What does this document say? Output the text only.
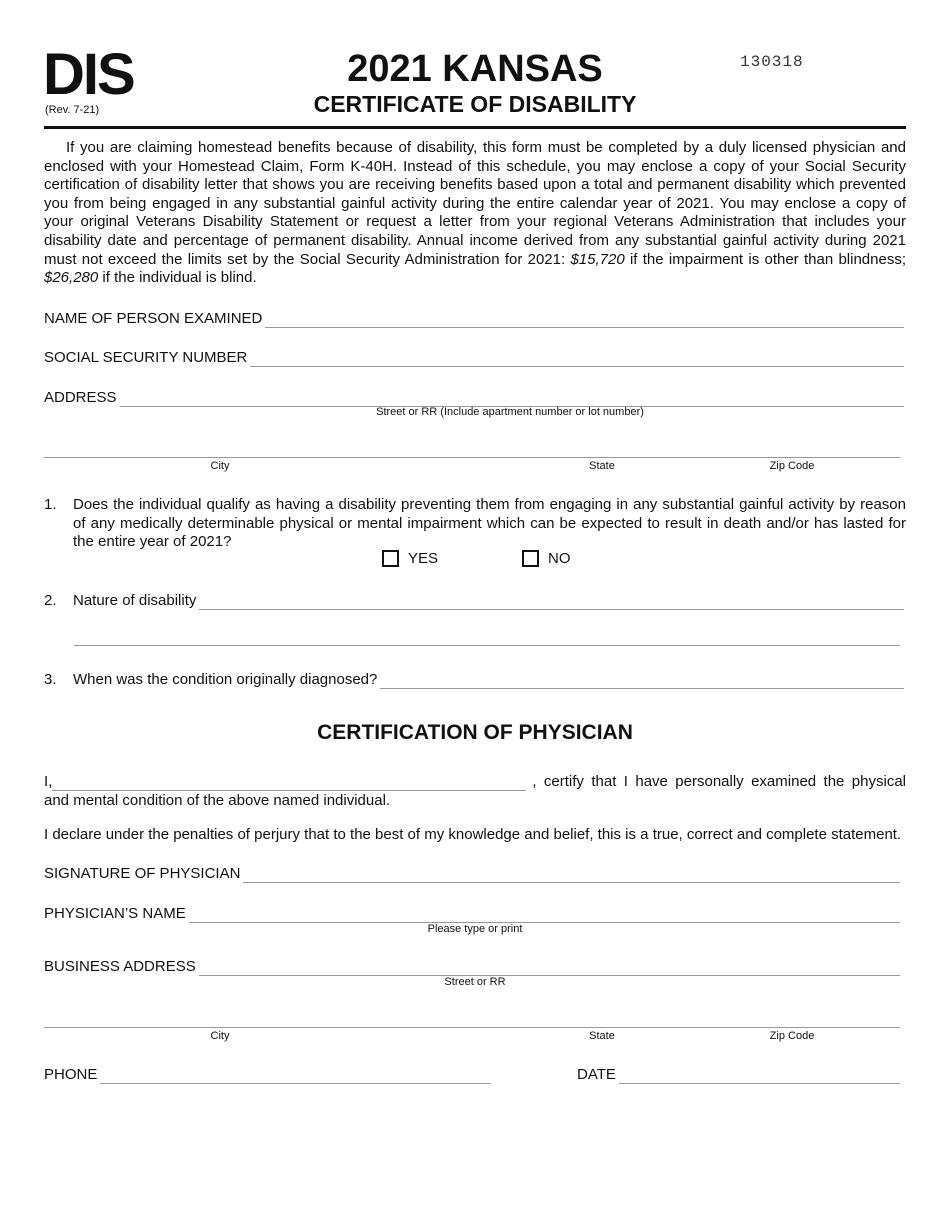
DIS
(Rev. 7-21)
2021 KANSAS
CERTIFICATE OF DISABILITY
130318
If you are claiming homestead benefits because of disability, this form must be completed by a duly licensed physician and enclosed with your Homestead Claim, Form K-40H. Instead of this schedule, you may enclose a copy of your Social Security certification of disability letter that shows you are receiving benefits based upon a total and permanent disability which prevented you from being engaged in any substantial gainful activity during the entire calendar year of 2021. You may enclose a copy of your original Veterans Disability Statement or request a letter from your regional Veterans Administration that includes your disability date and percentage of permanent disability. Annual income derived from any substantial gainful activity during 2021 must not exceed the limits set by the Social Security Administration for 2021: $15,720 if the impairment is other than blindness; $26,280 if the individual is blind.
NAME OF PERSON EXAMINED
SOCIAL SECURITY NUMBER
ADDRESS
Street or RR (Include apartment number or lot number)
City	State	Zip Code
1. Does the individual qualify as having a disability preventing them from engaging in any substantial gainful activity by reason of any medically determinable physical or mental impairment which can be expected to result in death and/or has lasted for the entire year of 2021?
YES	NO
2. Nature of disability
3. When was the condition originally diagnosed?
CERTIFICATION OF PHYSICIAN
I,	, certify that I have personally examined the physical
and mental condition of the above named individual.
I declare under the penalties of perjury that to the best of my knowledge and belief, this is a true, correct and complete statement.
SIGNATURE OF PHYSICIAN
PHYSICIAN’S NAME
Please type or print
BUSINESS ADDRESS
Street or RR
City	State	Zip Code
PHONE	DATE
